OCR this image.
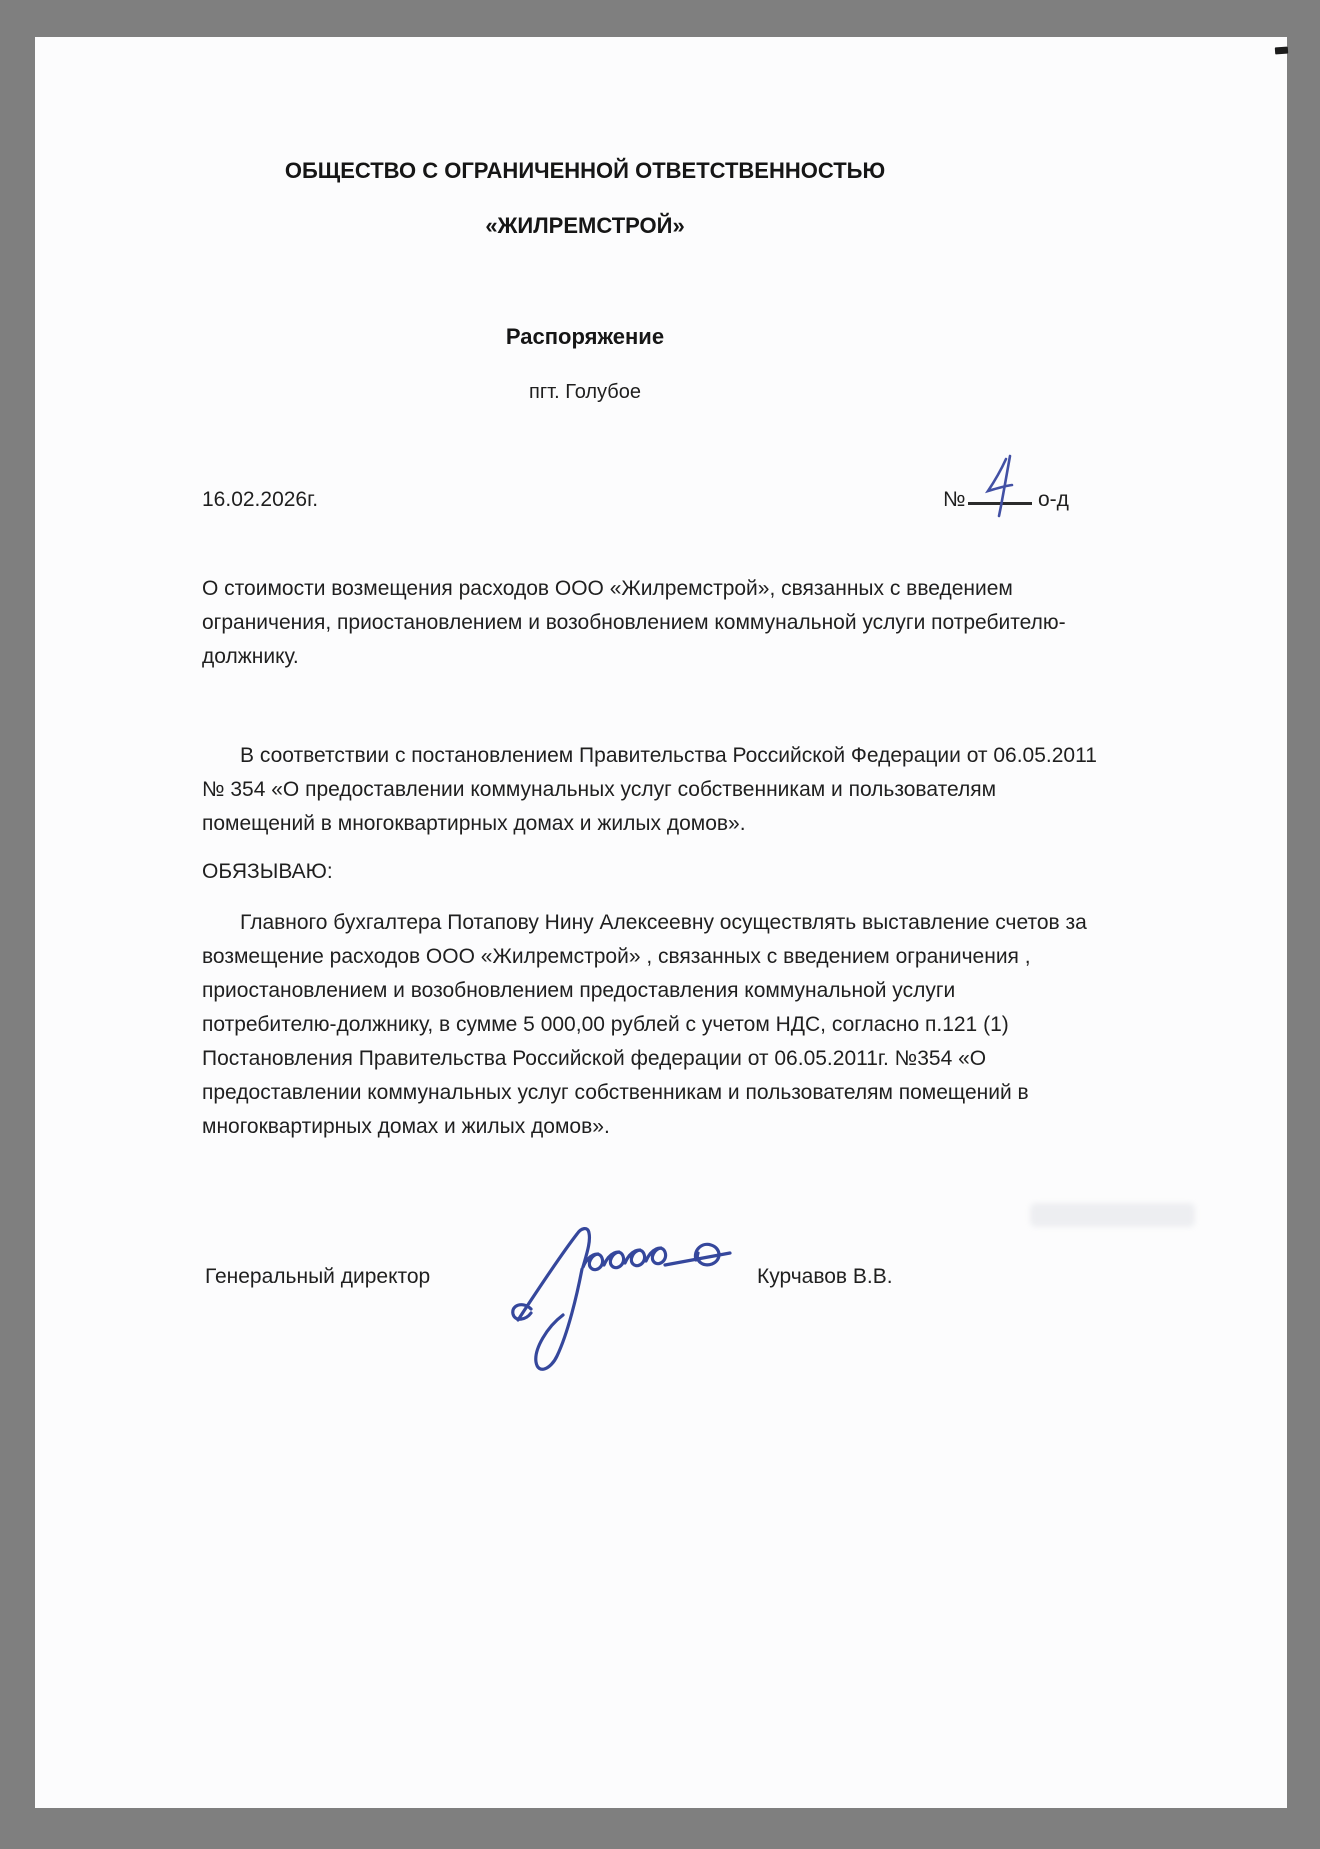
ОБЩЕСТВО С ОГРАНИЧЕННОЙ ОТВЕТСТВЕННОСТЬЮ
«ЖИЛРЕМСТРОЙ»
Распоряжение
пгт. Голубое
16.02.2026г.	№	о-д
О стоимости возмещения расходов ООО «Жилремстрой», связанных с введением
ограничения, приостановлением и возобновлением коммунальной услуги потребителю-
должнику.
В соответствии с постановлением Правительства Российской Федерации от 06.05.2011
№ 354 «О предоставлении коммунальных услуг собственникам и пользователям
помещений в многоквартирных домах и жилых домов».
ОБЯЗЫВАЮ:
Главного бухгалтера Потапову Нину Алексеевну осуществлять выставление счетов за
возмещение расходов ООО «Жилремстрой» , связанных с введением ограничения ,
приостановлением и возобновлением предоставления коммунальной услуги
потребителю-должнику, в сумме 5 000,00 рублей с учетом НДС, согласно п.121 (1)
Постановления Правительства Российской федерации от 06.05.2011г. №354 «О
предоставлении коммунальных услуг собственникам и пользователям помещений в
многоквартирных домах и жилых домов».
Генеральный директор	Курчавов В.В.
